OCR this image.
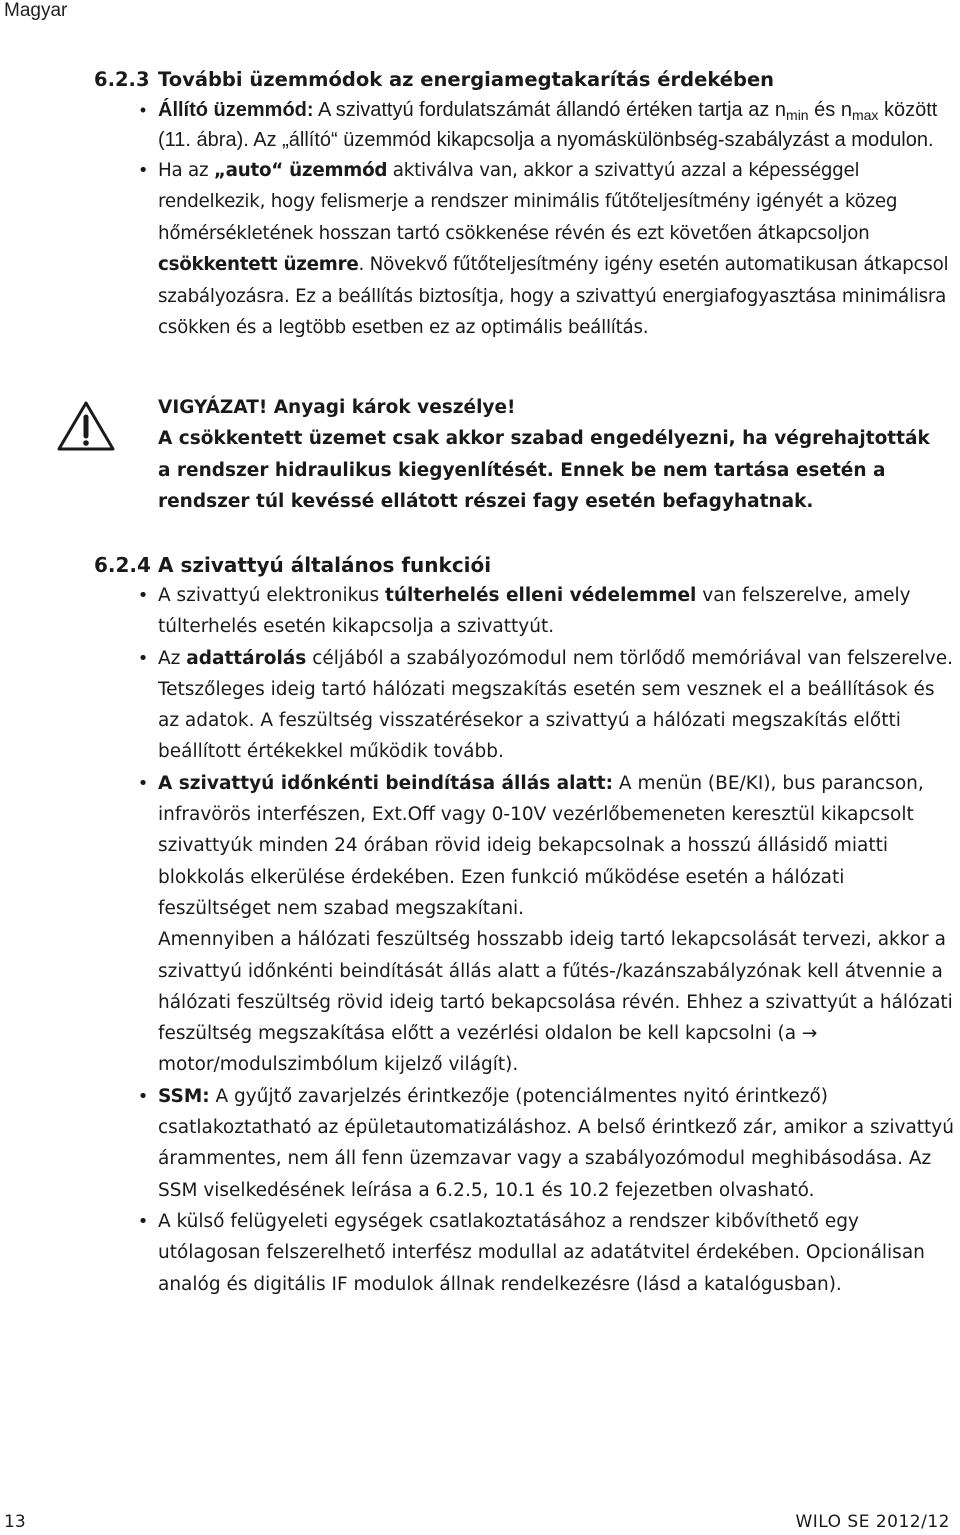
Magyar
6.2.3 További üzemmódok az energiamegtakarítás érdekében
• Állító üzemmód: A szivattyú fordulatszámát állandó értéken tartja az $n_{min}$ és $n_{max}$ között (11. ábra). Az „állító“ üzemmód kikapcsolja a nyomáskülönbség-szabályzást a modulon.
• Ha az „auto“ üzemmód aktiválva van, akkor a szivattyú azzal a képességgel rendelkezik, hogy felismerje a rendszer minimális fűtőteljesítmény igényét a közeg hőmérsékletének hosszan tartó csökkenése révén és ezt követően átkapcsoljon csökkentett üzemre. Növekvő fűtőteljesítmény igény esetén automatikusan átkapcsol szabályozásra. Ez a beállítás biztosítja, hogy a szivattyú energiafogyasztása minimálisra csökken és a legtöbb esetben ez az optimális beállítás.
VIGYÁZAT! Anyagi károk veszélye!
A csökkentett üzemet csak akkor szabad engedélyezni, ha végrehajtották a rendszer hidraulikus kiegyenlítését. Ennek be nem tartása esetén a rendszer túl kevéssé ellátott részei fagy esetén befagyhatnak.
6.2.4 A szivattyú általános funkciói
• A szivattyú elektronikus túlterhelés elleni védelemmel van felszerelve, amely túlterhelés esetén kikapcsolja a szivattyút.
• Az adattárolás céljából a szabályozómodul nem törlődő memóriával van felszerelve. Tetszőleges ideig tartó hálózati megszakítás esetén sem vesznek el a beállítások és az adatok. A feszültség visszatérésekor a szivattyú a hálózati megszakítás előtti beállított értékekkel működik tovább.
• A szivattyú időnkénti beindítása állás alatt: A menün (BE/KI), bus parancson, infravörös interfészen, Ext.Off vagy 0-10V vezérlőbemeneten keresztül kikapcsolt szivattyúk minden 24 órában rövid ideig bekapcsolnak a hosszú állásidő miatti blokkolás elkerülése érdekében. Ezen funkció működése esetén a hálózati feszültséget nem szabad megszakítani.
Amennyiben a hálózati feszültség hosszabb ideig tartó lekapcsolását tervezi, akkor a szivattyú időnkénti beindítását állás alatt a fűtés-/kazánszabályzónak kell átvennie a hálózati feszültség rövid ideig tartó bekapcsolása révén. Ehhez a szivattyút a hálózati feszültség megszakítása előtt a vezérlési oldalon be kell kapcsolni (a → motor/modulszimbólum kijelző világít).
• SSM: A gyűjtő zavarjelzés érintkezője (potenciálmentes nyitó érintkező) csatlakoztatható az épületautomatizáláshoz. A belső érintkező zár, amikor a szivattyú árammentes, nem áll fenn üzemzavar vagy a szabályozómodul meghibásodása. Az SSM viselkedésének leírása a 6.2.5, 10.1 és 10.2 fejezetben olvasható.
• A külső felügyeleti egységek csatlakoztatásához a rendszer kibővíthető egy utólagosan felszerelhető interfész modullal az adatátvitel érdekében. Opcionálisan analóg és digitális IF modulok állnak rendelkezésre (lásd a katalógusban).
13	WILO SE 2012/12
